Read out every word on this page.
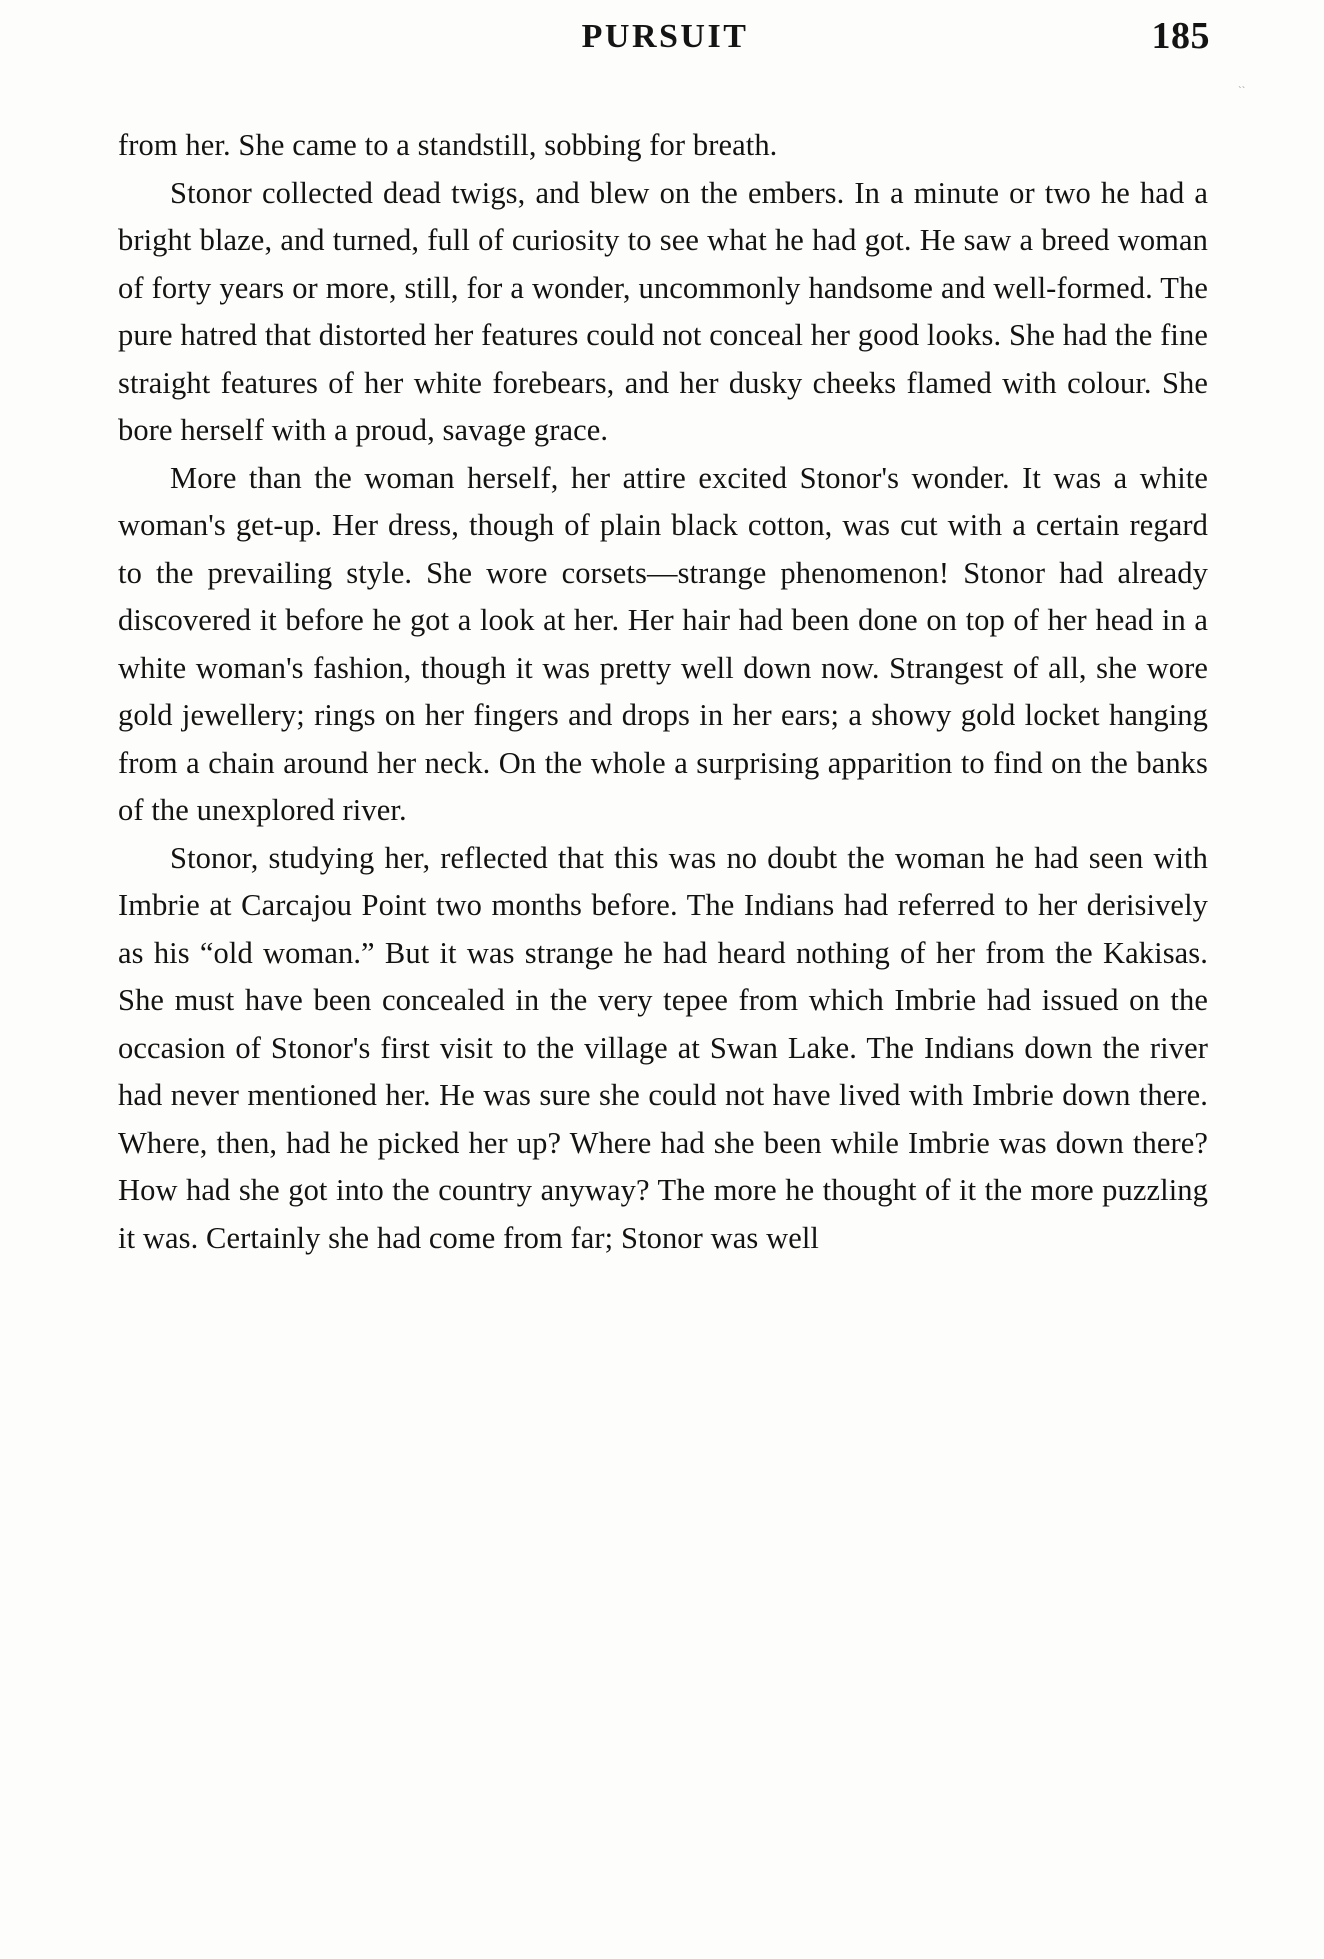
PURSUIT	185
``

from her. She came to a standstill, sobbing for breath.

Stonor collected dead twigs, and blew on the embers. In a minute or two he had a bright blaze, and turned, full of curiosity to see what he had got. He saw a breed woman of forty years or more, still, for a wonder, uncommonly handsome and well-formed. The pure hatred that distorted her features could not conceal her good looks. She had the fine straight features of her white forebears, and her dusky cheeks flamed with colour. She bore herself with a proud, savage grace.

More than the woman herself, her attire excited Stonor's wonder. It was a white woman's get-up. Her dress, though of plain black cotton, was cut with a certain regard to the prevailing style. She wore corsets—strange phenomenon! Stonor had already discovered it before he got a look at her. Her hair had been done on top of her head in a white woman's fashion, though it was pretty well down now. Strangest of all, she wore gold jewellery; rings on her fingers and drops in her ears; a showy gold locket hanging from a chain around her neck. On the whole a surprising apparition to find on the banks of the unexplored river.

Stonor, studying her, reflected that this was no doubt the woman he had seen with Imbrie at Carcajou Point two months before. The Indians had referred to her derisively as his “old woman.” But it was strange he had heard nothing of her from the Kakisas. She must have been concealed in the very tepee from which Imbrie had issued on the occasion of Stonor's first visit to the village at Swan Lake. The Indians down the river had never mentioned her. He was sure she could not have lived with Imbrie down there. Where, then, had he picked her up? Where had she been while Imbrie was down there? How had she got into the country anyway? The more he thought of it the more puzzling it was. Certainly she had come from far; Stonor was well
